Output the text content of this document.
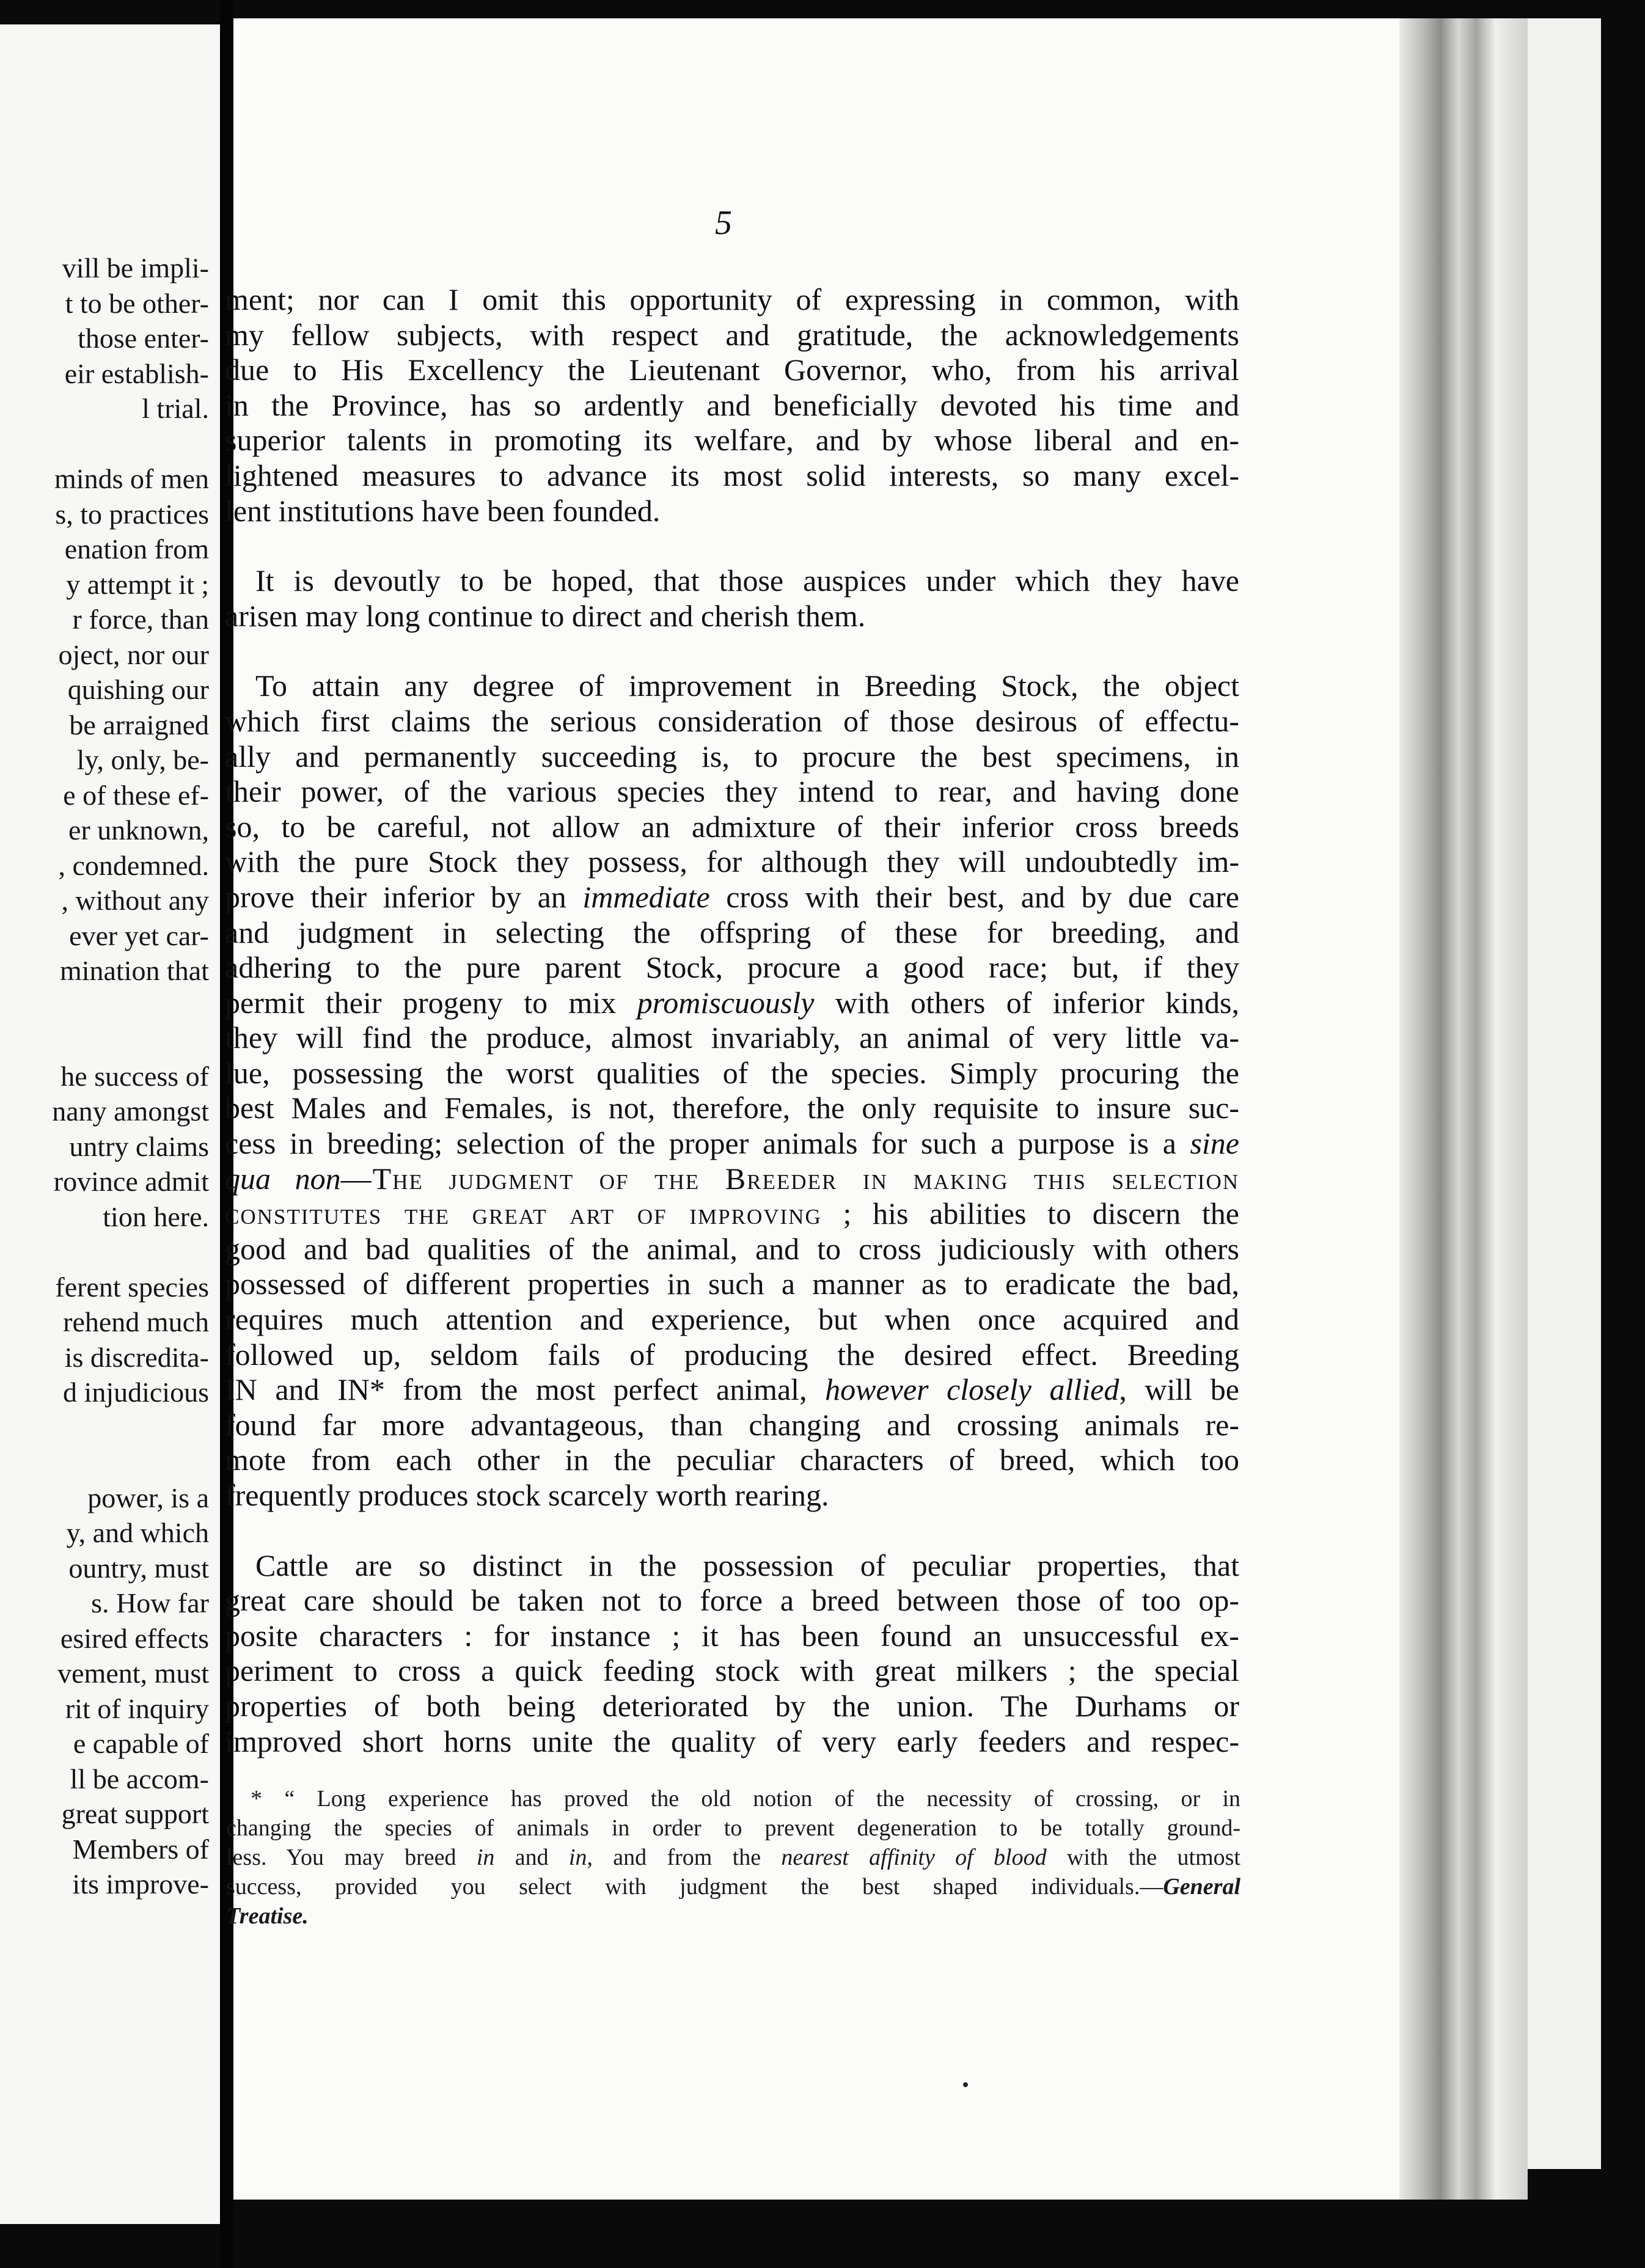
vill be impli-
t to be other-
those enter-
eir establish-
l trial.
minds of men
s, to practices
enation from
y attempt it ;
r force, than
oject, nor our
quishing our
be arraigned
ly, only, be-
e of these ef-
er unknown,
, condemned.
, without any
ever yet car-
mination that
he success of
nany amongst
untry claims
rovince admit
tion here.
ferent species
rehend much
is discredita-
d injudicious
power, is a
y, and which
ountry, must
s. How far
esired effects
vement, must
rit of inquiry
e capable of
ll be accom-
great support
Members of
its improve-
5
ment; nor can I omit this opportunity of expressing in common, with
my fellow subjects, with respect and gratitude, the acknowledgements
due to His Excellency the Lieutenant Governor, who, from his arrival
in the Province, has so ardently and beneficially devoted his time and
superior talents in promoting its welfare, and by whose liberal and en-
lightened measures to advance its most solid interests, so many excel-
lent institutions have been founded.
It is devoutly to be hoped, that those auspices under which they have
arisen may long continue to direct and cherish them.
To attain any degree of improvement in Breeding Stock, the object
which first claims the serious consideration of those desirous of effectu-
ally and permanently succeeding is, to procure the best specimens, in
their power, of the various species they intend to rear, and having done
so, to be careful, not allow an admixture of their inferior cross breeds
with the pure Stock they possess, for although they will undoubtedly im-
prove their inferior by an immediate cross with their best, and by due care
and judgment in selecting the offspring of these for breeding, and
adhering to the pure parent Stock, procure a good race; but, if they
permit their progeny to mix promiscuously with others of inferior kinds,
they will find the produce, almost invariably, an animal of very little va-
lue, possessing the worst qualities of the species. Simply procuring the
best Males and Females, is not, therefore, the only requisite to insure suc-
cess in breeding; selection of the proper animals for such a purpose is a sine
qua non—The judgment of the Breeder in making this selection
constitutes the great art of improving ; his abilities to discern the
good and bad qualities of the animal, and to cross judiciously with others
possessed of different properties in such a manner as to eradicate the bad,
requires much attention and experience, but when once acquired and
followed up, seldom fails of producing the desired effect. Breeding
IN and IN* from the most perfect animal, however closely allied, will be
found far more advantageous, than changing and crossing animals re-
mote from each other in the peculiar characters of breed, which too
frequently produces stock scarcely worth rearing.
Cattle are so distinct in the possession of peculiar properties, that
great care should be taken not to force a breed between those of too op-
posite characters : for instance ; it has been found an unsuccessful ex-
periment to cross a quick feeding stock with great milkers ; the special
properties of both being deteriorated by the union. The Durhams or
improved short horns unite the quality of very early feeders and respec-
* “ Long experience has proved the old notion of the necessity of crossing, or in
changing the species of animals in order to prevent degeneration to be totally ground-
less. You may breed in and in, and from the nearest affinity of blood with the utmost
success, provided you select with judgment the best shaped individuals.—General
Treatise.
